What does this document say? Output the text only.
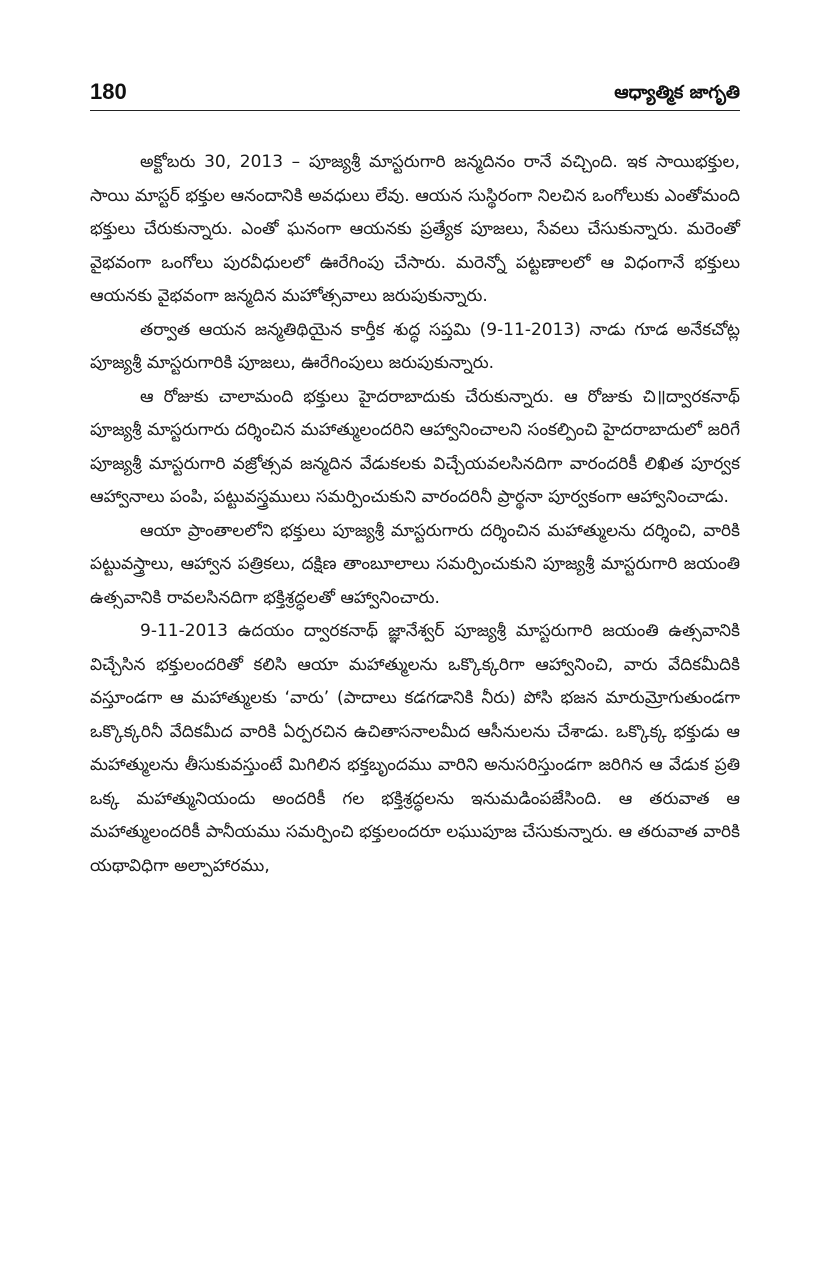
180	ఆధ్యాత్మిక జాగృతి

అక్టోబరు 30, 2013 – పూజ్యశ్రీ మాస్టరుగారి జన్మదినం రానే వచ్చింది. ఇక సాయిభక్తుల, సాయి మాస్టర్ భక్తుల ఆనందానికి అవధులు లేవు. ఆయన సుస్థిరంగా నిలచిన ఒంగోలుకు ఎంతోమంది భక్తులు చేరుకున్నారు. ఎంతో ఘనంగా ఆయనకు ప్రత్యేక పూజలు, సేవలు చేసుకున్నారు. మరెంతో వైభవంగా ఒంగోలు పురవీధులలో ఊరేగింపు చేసారు. మరెన్నో పట్టణాలలో ఆ విధంగానే భక్తులు ఆయనకు వైభవంగా జన్మదిన మహోత్సవాలు జరుపుకున్నారు.

తర్వాత ఆయన జన్మతిథియైన కార్తీక శుద్ధ సప్తమి (9-11-2013) నాడు గూడ అనేకచోట్ల పూజ్యశ్రీ మాస్టరుగారికి పూజలు, ఊరేగింపులు జరుపుకున్నారు.

ఆ రోజుకు చాలామంది భక్తులు హైదరాబాదుకు చేరుకున్నారు. ఆ రోజుకు చి॥ద్వారకనాథ్ పూజ్యశ్రీ మాస్టరుగారు దర్శించిన మహాత్ములందరిని ఆహ్వానించాలని సంకల్పించి హైదరాబాదులో జరిగే పూజ్యశ్రీ మాస్టరుగారి వజ్రోత్సవ జన్మదిన వేడుకలకు విచ్చేయవలసినదిగా వారందరికీ లిఖిత పూర్వక ఆహ్వానాలు పంపి, పట్టువస్త్రములు సమర్పించుకుని వారందరినీ ప్రార్థనా పూర్వకంగా ఆహ్వానించాడు.

ఆయా ప్రాంతాలలోని భక్తులు పూజ్యశ్రీ మాస్టరుగారు దర్శించిన మహాత్ములను దర్శించి, వారికి పట్టువస్త్రాలు, ఆహ్వాన పత్రికలు, దక్షిణ తాంబూలాలు సమర్పించుకుని పూజ్యశ్రీ మాస్టరుగారి జయంతి ఉత్సవానికి రావలసినదిగా భక్తిశ్రద్ధలతో ఆహ్వానించారు.

9-11-2013 ఉదయం ద్వారకనాథ్ జ్ఞానేశ్వర్ పూజ్యశ్రీ మాస్టరుగారి జయంతి ఉత్సవానికి విచ్చేసిన భక్తులందరితో కలిసి ఆయా మహాత్ములను ఒక్కొక్కరిగా ఆహ్వానించి, వారు వేదికమీదికి వస్తూండగా ఆ మహాత్ములకు ‘వారు’ (పాదాలు కడగడానికి నీరు) పోసి భజన మారుమ్రోగుతుండగా ఒక్కొక్కరినీ వేదికమీద వారికి ఏర్పరచిన ఉచితాసనాలమీద ఆసీనులను చేశాడు. ఒక్కొక్క భక్తుడు ఆ మహాత్ములను తీసుకువస్తుంటే మిగిలిన భక్తబృందము వారిని అనుసరిస్తుండగా జరిగిన ఆ వేడుక ప్రతి ఒక్క మహాత్మునియందు అందరికీ గల భక్తిశ్రద్ధలను ఇనుమడింపజేసింది. ఆ తరువాత ఆ మహాత్ములందరికీ పానీయము సమర్పించి భక్తులందరూ లఘుపూజ చేసుకున్నారు. ఆ తరువాత వారికి యథావిధిగా అల్పాహారము,
